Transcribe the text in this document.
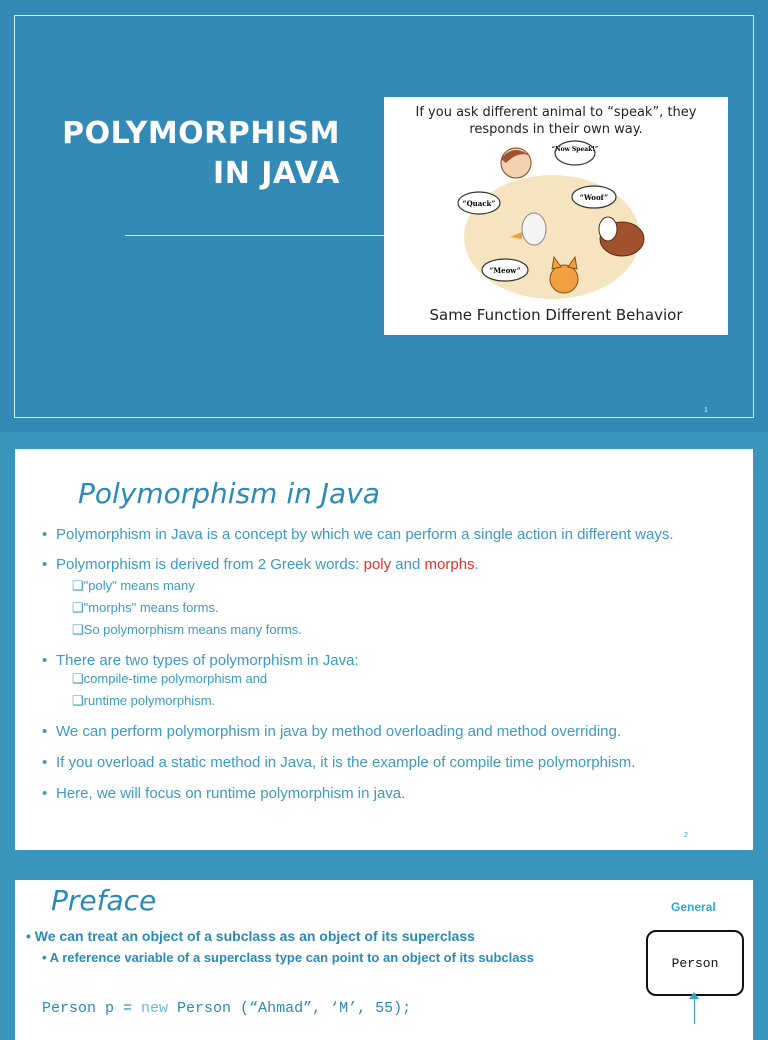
POLYMORPHISM
IN JAVA
If you ask different animal to “speak”, they responds in their own way.
“Now Speak!”
“Quack”
“Woof”
“Meow”
Same Function Different Behavior
1
Polymorphism in Java
• Polymorphism in Java is a concept by which we can perform a single action in different ways.
• Polymorphism is derived from 2 Greek words: poly and morphs.
❑"poly" means many
❑"morphs" means forms.
❑So polymorphism means many forms.
• There are two types of polymorphism in Java:
❑compile-time polymorphism and
❑runtime polymorphism.
• We can perform polymorphism in java by method overloading and method overriding.
• If you overload a static method in Java, it is the example of compile time polymorphism.
• Here, we will focus on runtime polymorphism in java.
2
Preface
• We can treat an object of a subclass as an object of its superclass
• A reference variable of a superclass type can point to an object of its subclass
Person p = new Person (“Ahmad”, ‘M’, 55);
General
Person
